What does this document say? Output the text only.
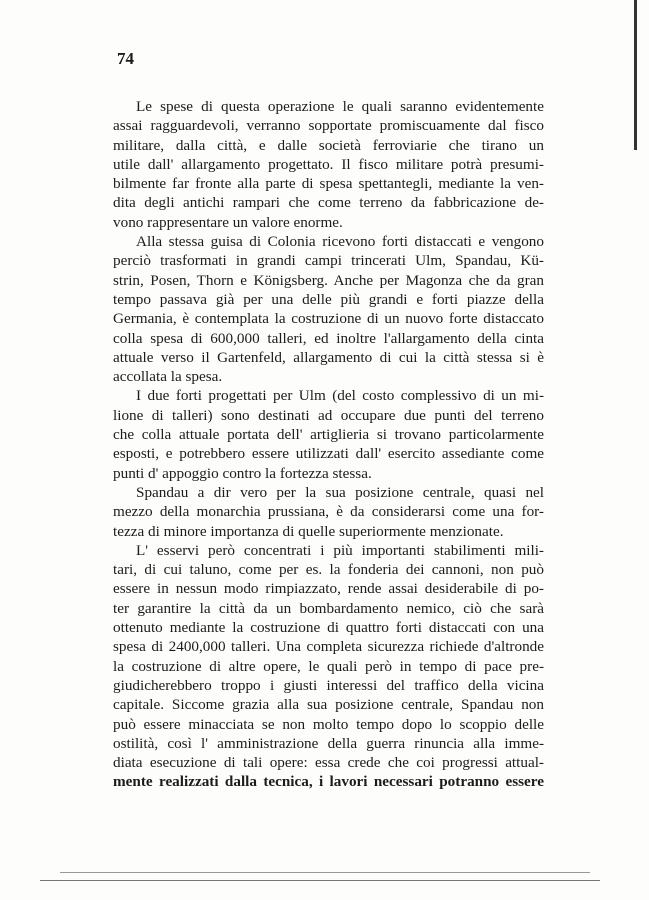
74
Le spese di questa operazione le quali saranno evidentemente
assai ragguardevoli, verranno sopportate promiscuamente dal fisco
militare, dalla città, e dalle società ferroviarie che tirano un
utile dall' allargamento progettato. Il fisco militare potrà presumi-
bilmente far fronte alla parte di spesa spettantegli, mediante la ven-
dita degli antichi rampari che come terreno da fabbricazione de-
vono rappresentare un valore enorme.
Alla stessa guisa di Colonia ricevono forti distaccati e vengono
perciò trasformati in grandi campi trincerati Ulm, Spandau, Kü-
strin, Posen, Thorn e Königsberg. Anche per Magonza che da gran
tempo passava già per una delle più grandi e forti piazze della
Germania, è contemplata la costruzione di un nuovo forte distaccato
colla spesa di 600,000 talleri, ed inoltre l'allargamento della cinta
attuale verso il Gartenfeld, allargamento di cui la città stessa si è
accollata la spesa.
I due forti progettati per Ulm (del costo complessivo di un mi-
lione di talleri) sono destinati ad occupare due punti del terreno
che colla attuale portata dell' artiglieria si trovano particolarmente
esposti, e potrebbero essere utilizzati dall' esercito assediante come
punti d' appoggio contro la fortezza stessa.
Spandau a dir vero per la sua posizione centrale, quasi nel
mezzo della monarchia prussiana, è da considerarsi come una for-
tezza di minore importanza di quelle superiormente menzionate.
L' esservi però concentrati i più importanti stabilimenti mili-
tari, di cui taluno, come per es. la fonderia dei cannoni, non può
essere in nessun modo rimpiazzato, rende assai desiderabile di po-
ter garantire la città da un bombardamento nemico, ciò che sarà
ottenuto mediante la costruzione di quattro forti distaccati con una
spesa di 2400,000 talleri. Una completa sicurezza richiede d'altronde
la costruzione di altre opere, le quali però in tempo di pace pre-
giudicherebbero troppo i giusti interessi del traffico della vicina
capitale. Siccome grazia alla sua posizione centrale, Spandau non
può essere minacciata se non molto tempo dopo lo scoppio delle
ostilità, così l' amministrazione della guerra rinuncia alla imme-
diata esecuzione di tali opere: essa crede che coi progressi attual-
mente realizzati dalla tecnica, i lavori necessari potranno essere
